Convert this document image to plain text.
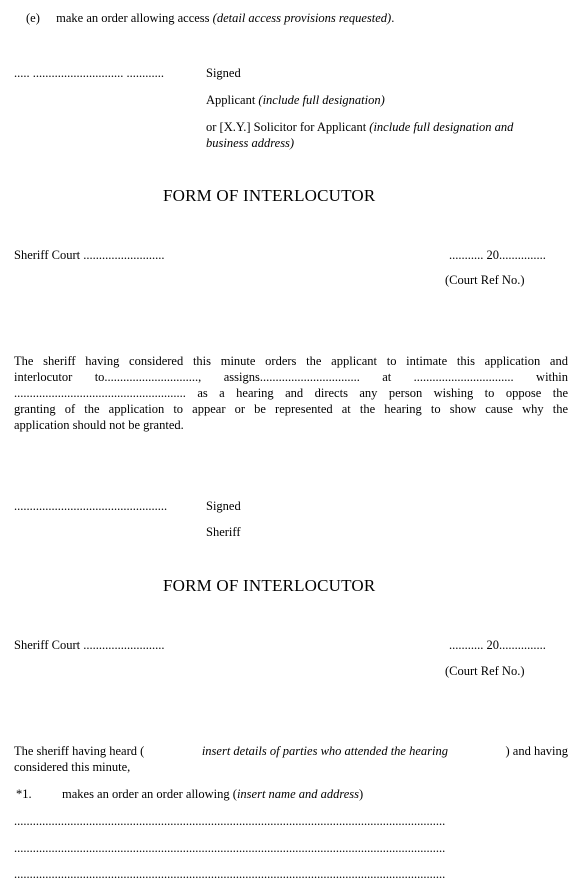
(e) make an order allowing access (detail access provisions requested).
..... ............................. ............	Signed
Applicant (include full designation)
or [X.Y.] Solicitor for Applicant (include full designation and
business address)
FORM OF INTERLOCUTOR
Sheriff Court ..........................	........... 20...............
(Court Ref No.)
The sheriff having considered this minute orders the applicant to intimate this application and
interlocutor to.............................., assigns................................ at ................................ within
....................................................... as a hearing and directs any person wishing to oppose the
granting of the application to appear or be represented at the hearing to show cause why the
application should not be granted.
.................................................	Signed
Sheriff
FORM OF INTERLOCUTOR
Sheriff Court ..........................	........... 20...............
(Court Ref No.)
The sheriff having heard (	insert details of parties who attended the hearing	) and having
considered this minute,
*1. makes an order an order allowing (insert name and address)
..........................................................................................................................................
..........................................................................................................................................
..........................................................................................................................................
